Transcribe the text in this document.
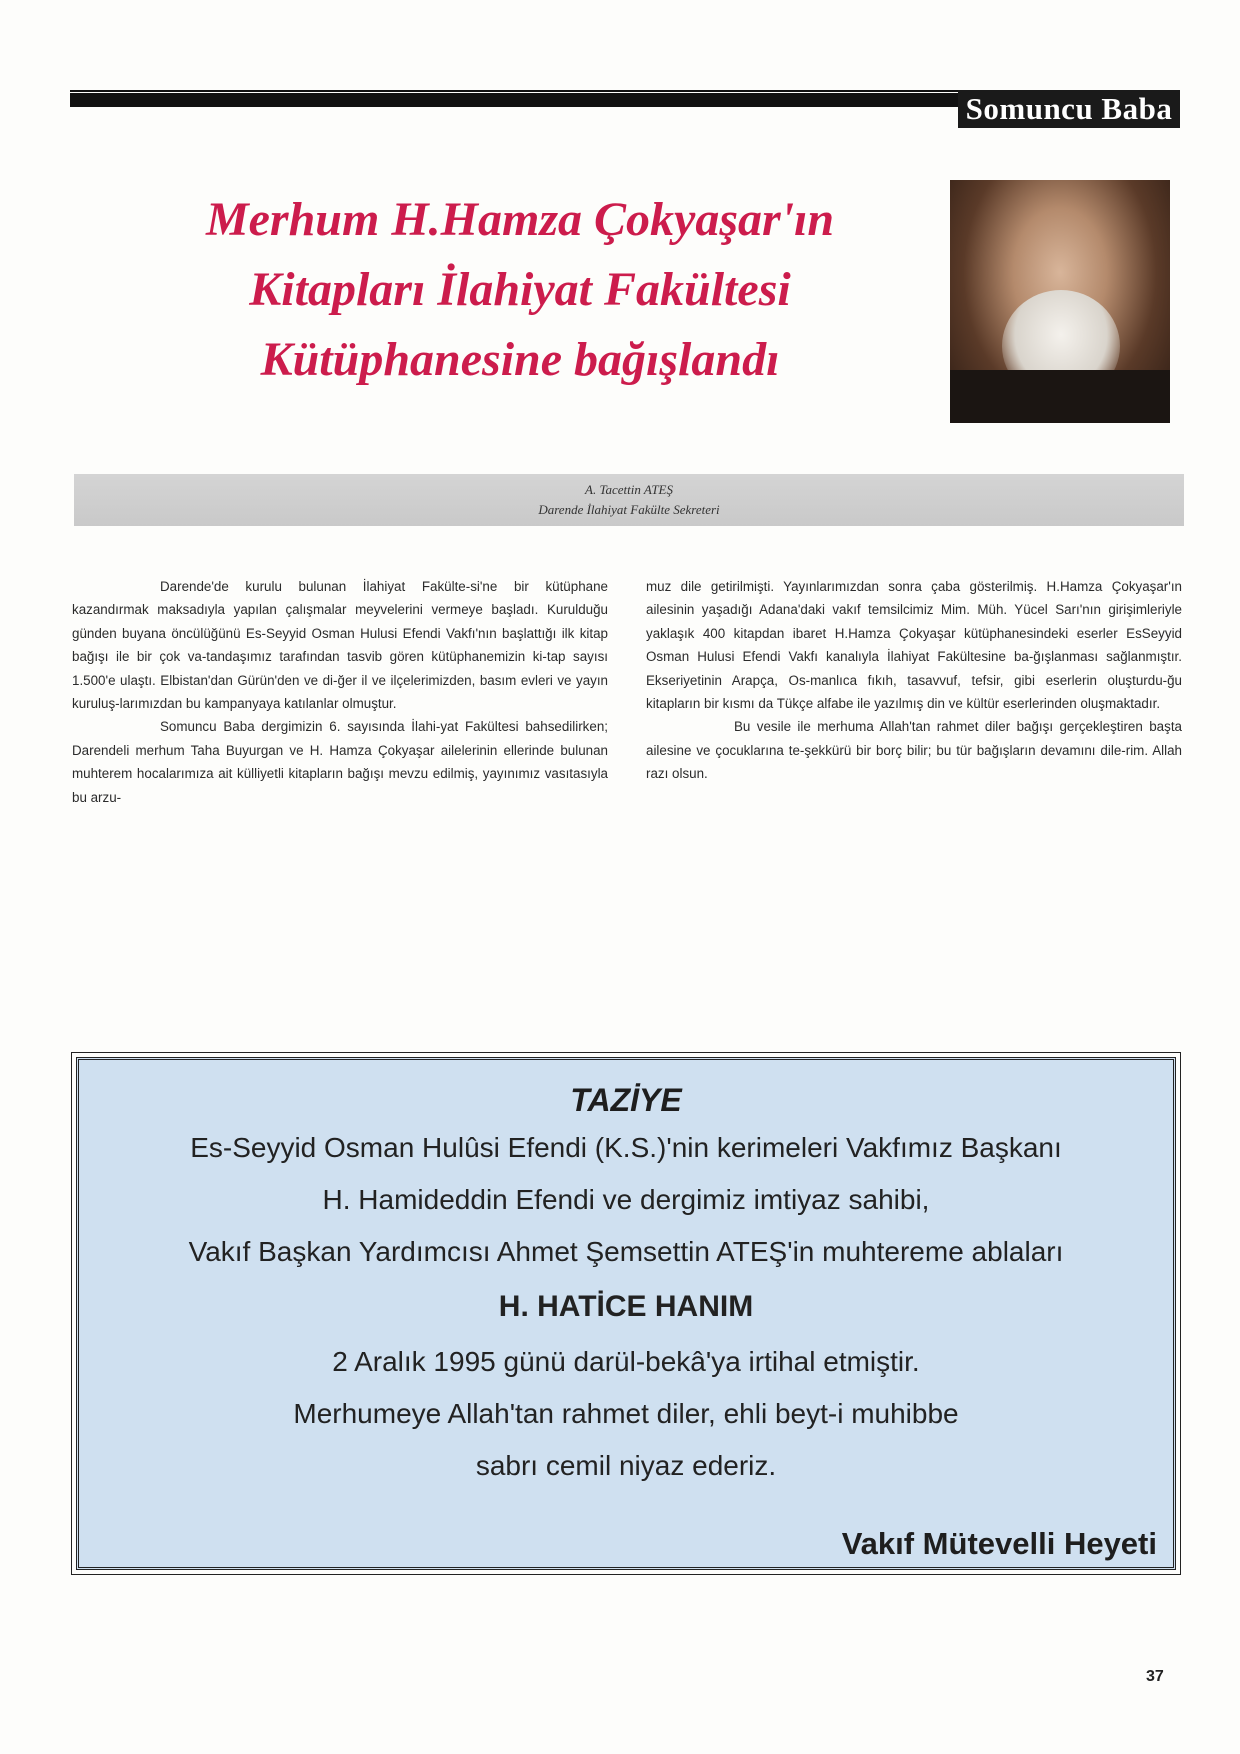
Somuncu Baba
Merhum H.Hamza Çokyaşar'ın
Kitapları İlahiyat Fakültesi
Kütüphanesine bağışlandı
A. Tacettin ATEŞ
Darende İlahiyat Fakülte Sekreteri

Darende'de kurulu bulunan İlahiyat Fakülte-si'ne bir kütüphane kazandırmak maksadıyla yapılan çalışmalar meyvelerini vermeye başladı. Kurulduğu günden buyana öncülüğünü Es-Seyyid Osman Hulusi Efendi Vakfı'nın başlattığı ilk kitap bağışı ile bir çok va-tandaşımız tarafından tasvib gören kütüphanemizin ki-tap sayısı 1.500'e ulaştı. Elbistan'dan Gürün'den ve di-ğer il ve ilçelerimizden, basım evleri ve yayın kuruluş-larımızdan bu kampanyaya katılanlar olmuştur.

Somuncu Baba dergimizin 6. sayısında İlahi-yat Fakültesi bahsedilirken; Darendeli merhum Taha Buyurgan ve H. Hamza Çokyaşar ailelerinin ellerinde bulunan muhterem hocalarımıza ait külliyetli kitapların bağışı mevzu edilmiş, yayınımız vasıtasıyla bu arzu-

muz dile getirilmişti. Yayınlarımızdan sonra çaba gösterilmiş. H.Hamza Çokyaşar'ın ailesinin yaşadığı Adana'daki vakıf temsilcimiz Mim. Müh. Yücel Sarı'nın girişimleriyle yaklaşık 400 kitapdan ibaret H.Hamza Çokyaşar kütüphanesindeki eserler EsSeyyid Osman Hulusi Efendi Vakfı kanalıyla İlahiyat Fakültesine ba-ğışlanması sağlanmıştır. Ekseriyetinin Arapça, Os-manlıca fıkıh, tasavvuf, tefsir, gibi eserlerin oluşturdu-ğu kitapların bir kısmı da Tükçe alfabe ile yazılmış din ve kültür eserlerinden oluşmaktadır.

Bu vesile ile merhuma Allah'tan rahmet diler bağışı gerçekleştiren başta ailesine ve çocuklarına te-şekkürü bir borç bilir; bu tür bağışların devamını dile-rim. Allah razı olsun.

TAZİYE
Es-Seyyid Osman Hulûsi Efendi (K.S.)'nin kerimeleri Vakfımız Başkanı
H. Hamideddin Efendi ve dergimiz imtiyaz sahibi,
Vakıf Başkan Yardımcısı Ahmet Şemsettin ATEŞ'in muhtereme ablaları
H. HATİCE HANIM
2 Aralık 1995 günü darül-bekâ'ya irtihal etmiştir.
Merhumeye Allah'tan rahmet diler, ehli beyt-i muhibbe
sabrı cemil niyaz ederiz.
Vakıf Mütevelli Heyeti
37
